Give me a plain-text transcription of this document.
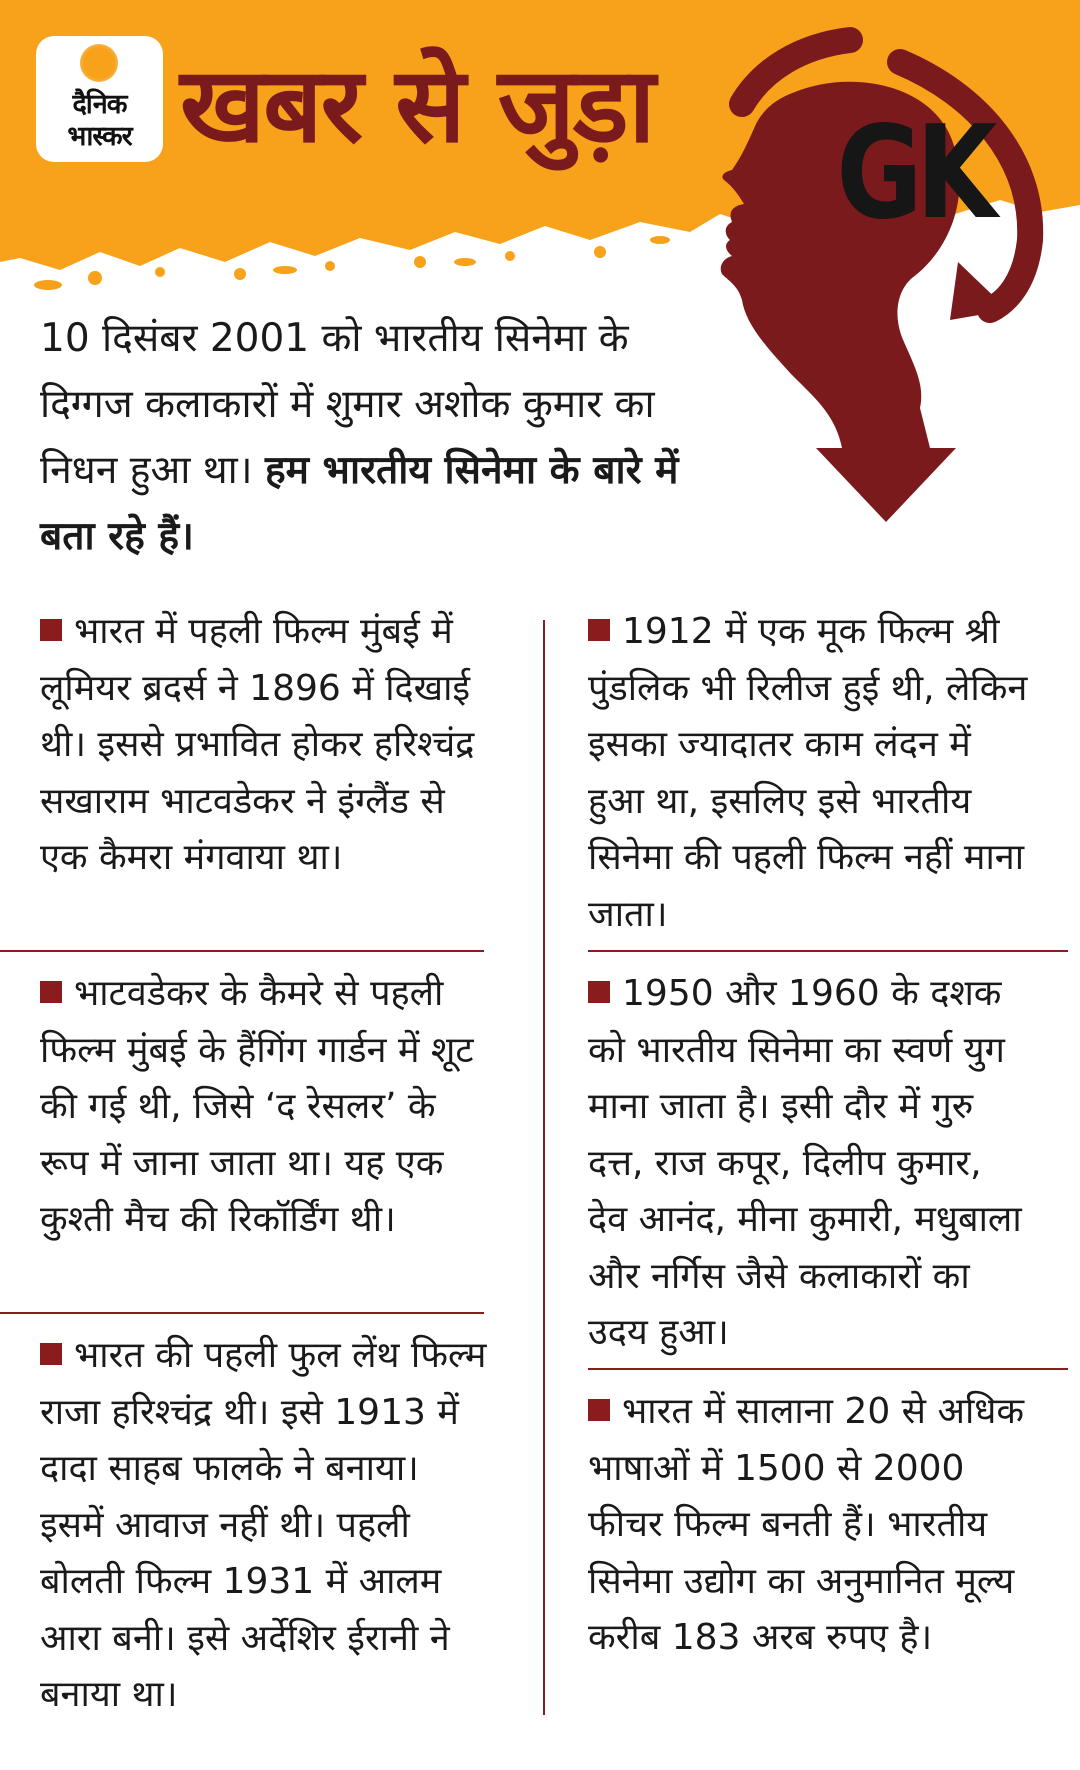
दैनिक
भास्कर खबर से जुड़ा GK
10 दिसंबर 2001 को भारतीय सिनेमा के दिग्गज कलाकारों में शुमार अशोक कुमार का निधन हुआ था। हम भारतीय सिनेमा के बारे में बता रहे हैं।
भारत में पहली फिल्म मुंबई में लूमियर ब्रदर्स ने 1896 में दिखाई थी। इससे प्रभावित होकर हरिश्चंद्र सखाराम भाटवडेकर ने इंग्लैंड से एक कैमरा मंगवाया था।
भाटवडेकर के कैमरे से पहली फिल्म मुंबई के हैंगिंग गार्डन में शूट की गई थी, जिसे ‘द रेसलर’ के रूप में जाना जाता था। यह एक कुश्ती मैच की रिकॉर्डिंग थी।
भारत की पहली फुल लेंथ फिल्म राजा हरिश्चंद्र थी। इसे 1913 में दादा साहब फालके ने बनाया। इसमें आवाज नहीं थी। पहली बोलती फिल्म 1931 में आलम आरा बनी। इसे अर्देशिर ईरानी ने बनाया था।
1912 में एक मूक फिल्म श्री पुंडलिक भी रिलीज हुई थी, लेकिन इसका ज्यादातर काम लंदन में हुआ था, इसलिए इसे भारतीय सिनेमा की पहली फिल्म नहीं माना जाता।
1950 और 1960 के दशक को भारतीय सिनेमा का स्वर्ण युग माना जाता है। इसी दौर में गुरु दत्त, राज कपूर, दिलीप कुमार, देव आनंद, मीना कुमारी, मधुबाला और नर्गिस जैसे कलाकारों का उदय हुआ।
भारत में सालाना 20 से अधिक भाषाओं में 1500 से 2000 फीचर फिल्म बनती हैं। भारतीय सिनेमा उद्योग का अनुमानित मूल्य करीब 183 अरब रुपए है।
